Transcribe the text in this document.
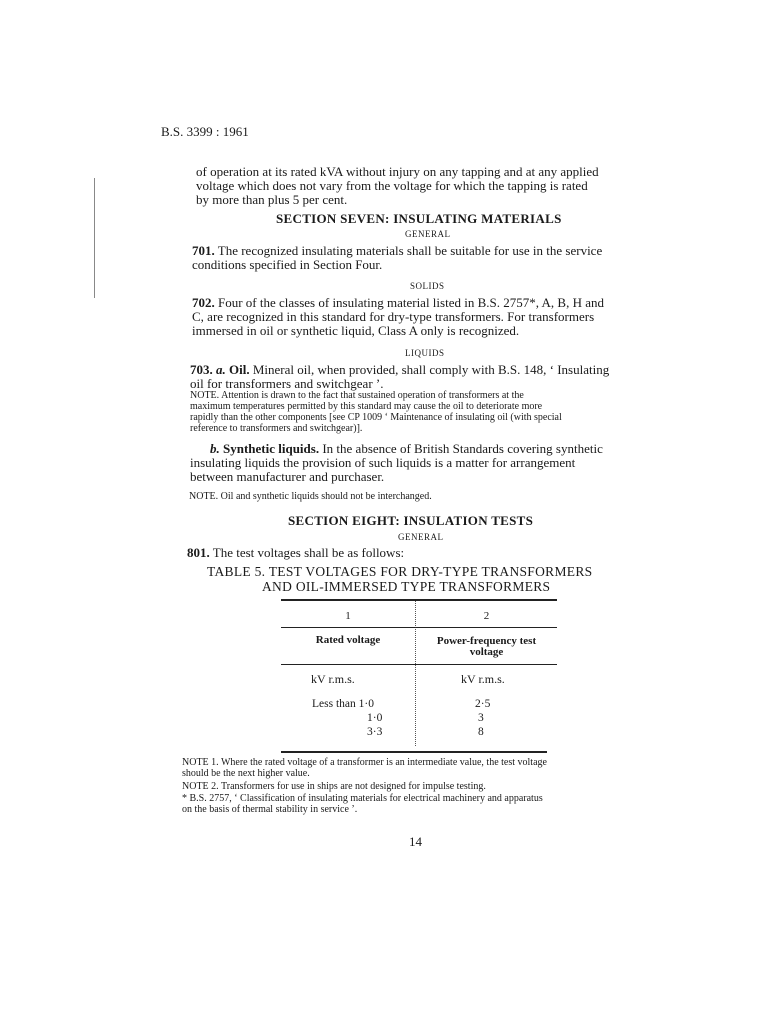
B.S. 3399 : 1961
of operation at its rated kVA without injury on any tapping and at any applied
voltage which does not vary from the voltage for which the tapping is rated
by more than plus 5 per cent.
SECTION SEVEN: INSULATING MATERIALS
GENERAL
701. The recognized insulating materials shall be suitable for use in the service
conditions specified in Section Four.
SOLIDS
702. Four of the classes of insulating material listed in B.S. 2757*, A, B, H and
C, are recognized in this standard for dry-type transformers. For transformers
immersed in oil or synthetic liquid, Class A only is recognized.
LIQUIDS
703. a. Oil. Mineral oil, when provided, shall comply with B.S. 148, ‘ Insulating
oil for transformers and switchgear ’.
NOTE. Attention is drawn to the fact that sustained operation of transformers at the
maximum temperatures permitted by this standard may cause the oil to deteriorate more
rapidly than the other components [see CP 1009 ‘ Maintenance of insulating oil (with special
reference to transformers and switchgear)].
b. Synthetic liquids. In the absence of British Standards covering synthetic
insulating liquids the provision of such liquids is a matter for arrangement
between manufacturer and purchaser.
NOTE. Oil and synthetic liquids should not be interchanged.
SECTION EIGHT: INSULATION TESTS
GENERAL
801. The test voltages shall be as follows:
TABLE 5. TEST VOLTAGES FOR DRY-TYPE TRANSFORMERS
AND OIL-IMMERSED TYPE TRANSFORMERS
1	2
Rated voltage	Power-frequency test
voltage
kV r.m.s.	kV r.m.s.
Less than 1·0	2·5
1·0	3
3·3	8
NOTE 1. Where the rated voltage of a transformer is an intermediate value, the test voltage
should be the next higher value.
NOTE 2. Transformers for use in ships are not designed for impulse testing.
* B.S. 2757, ‘ Classification of insulating materials for electrical machinery and apparatus
on the basis of thermal stability in service ’.
14
